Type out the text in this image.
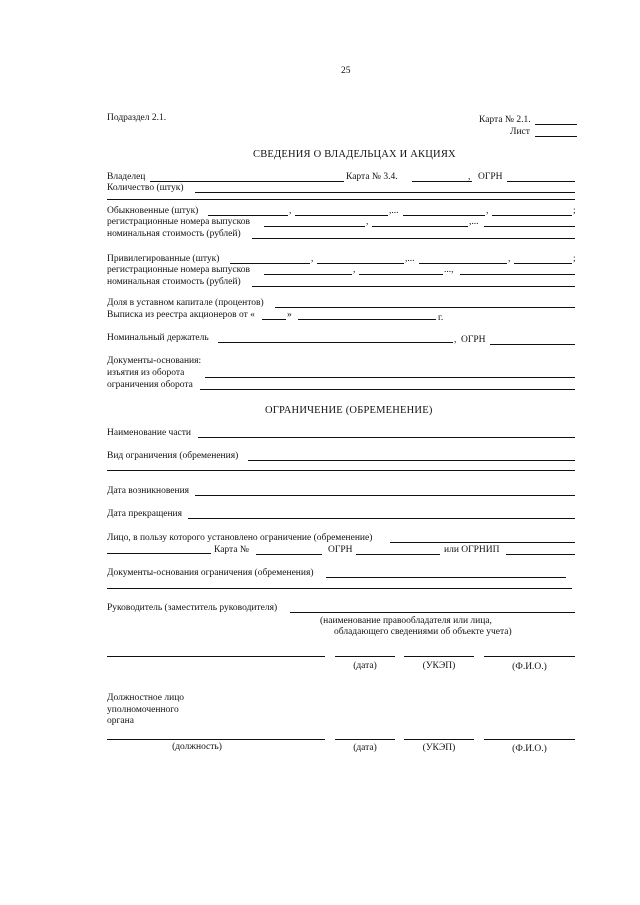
25
Подраздел 2.1.	Карта № 2.1.
Лист
СВЕДЕНИЯ О ВЛАДЕЛЬЦАХ И АКЦИЯХ
Владелец	Карта № 3.4.	, ОГРН
Количество (штук)
Обыкновенные (штук)	,	,...	,	;
регистрационные номера выпусков	,	,...
номинальная стоимость (рублей)
Привилегированные (штук)	,	,...	,	;
регистрационные номера выпусков	,	...,
номинальная стоимость (рублей)
Доля в уставном капитале (процентов)
Выписка из реестра акционеров от «	»	г.
Номинальный держатель	, ОГРН
Документы-основания:
изъятия из оборота
ограничения оборота
ОГРАНИЧЕНИЕ (ОБРЕМЕНЕНИЕ)
Наименование части
Вид ограничения (обременения)
Дата возникновения
Дата прекращения
Лицо, в пользу которого установлено ограничение (обременение)
Карта №	ОГРН	или ОГРНИП
Документы-основания ограничения (обременения)
Руководитель (заместитель руководителя)
(наименование правообладателя или лица,
обладающего сведениями об объекте учета)
(дата)	(УКЭП)	(Ф.И.О.)
Должностное лицо
уполномоченного
органа
(должность)	(дата)	(УКЭП)	(Ф.И.О.)
